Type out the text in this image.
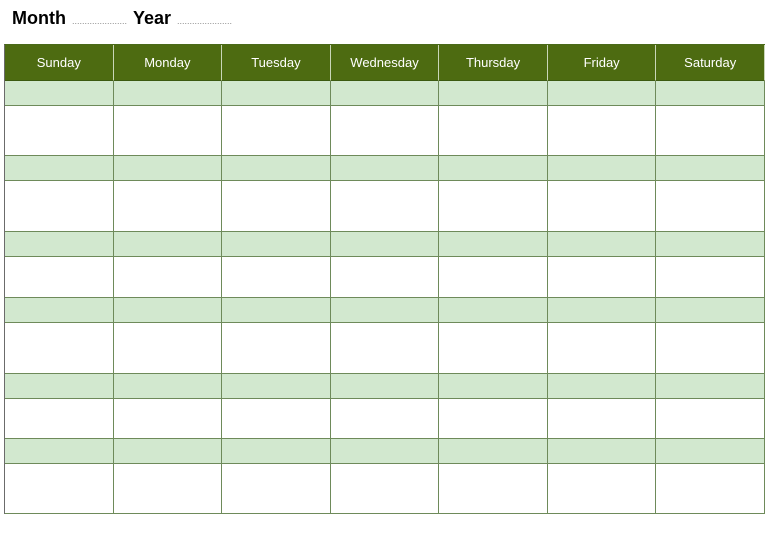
Month ...................... Year ......................
Sunday	Monday	Tuesday	Wednesday	Thursday	Friday	Saturday
